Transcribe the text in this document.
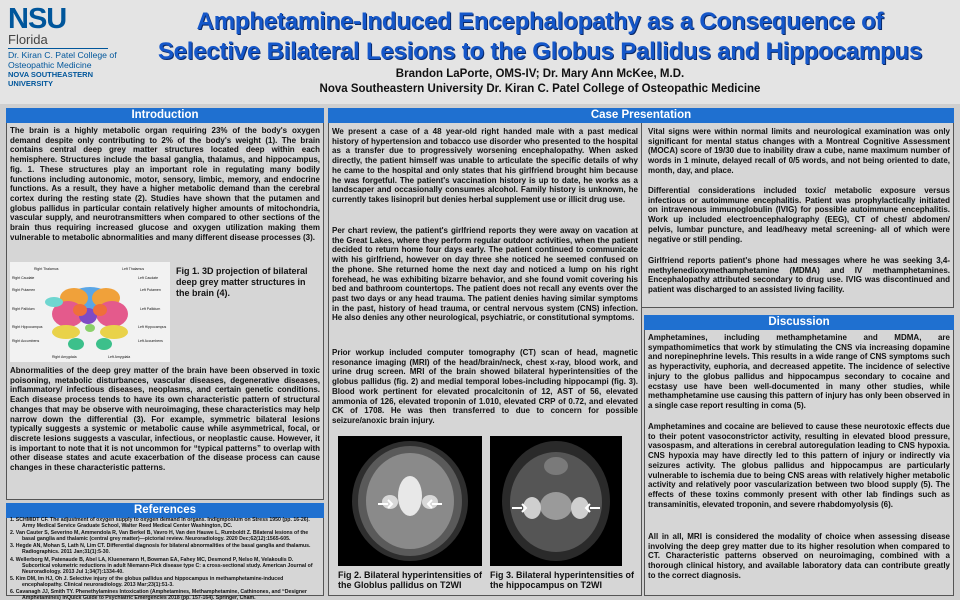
NSU
Florida
Dr. Kiran C. Patel College of Osteopathic Medicine
NOVA SOUTHEASTERN UNIVERSITY
Amphetamine-Induced Encephalopathy as a Consequence of
Selective Bilateral Lesions to the Globus Pallidus and Hippocampus
Brandon LaPorte, OMS-IV; Dr. Mary Ann McKee, M.D.
Nova Southeastern University Dr. Kiran C. Patel College of Osteopathic Medicine
Introduction
The brain is a highly metabolic organ requiring 23% of the body's oxygen demand despite only contributing to 2% of the body's weight (1). The brain contains central deep grey matter structures located deep within each hemisphere. Structures include the basal ganglia, thalamus, and hippocampus, fig. 1. These structures play an important role in regulating many bodily functions including autonomic, motor, sensory, limbic, memory, and endocrine functions. As a result, they have a higher metabolic demand than the cerebral cortex during the resting state (2). Studies have shown that the putamen and globus pallidus in particular contain relatively higher amounts of mitochondria, vascular supply, and neurotransmitters when compared to other sections of the brain thus requiring increased glucose and oxygen utilization making them vulnerable to metabolic abnormalities and many different disease processes (3).
Right Thalamus	Left Thalamus
Right Caudate	Left Caudate
Right Putamen	Left Putamen
Right Pallidum	Left Pallidum
Right Hippocampus	Left Hippocampus
Right Accumbens	Left Accumbens
Right Amygdala	Left Amygdala
Fig 1. 3D projection of bilateral deep grey matter structures in the brain (4).
Abnormalities of the deep grey matter of the brain have been observed in toxic poisoning, metabolic disturbances, vascular diseases, degenerative diseases, inflammatory/ infectious diseases, neoplasms, and certain genetic conditions. Each disease process tends to have its own characteristic pattern of structural changes that may be observe with neuroimaging, these characteristics may help narrow down the differential (3). For example, symmetric bilateral lesions typically suggests a systemic or metabolic cause while asymmetrical, focal, or discrete lesions suggests a vascular, infectious, or neoplastic cause. However, it is important to note that it is not uncommon for “typical patterns” to overlap with other disease states and acute exacerbation of the disease process can cause changes in these characteristic patterns.
References
1. SCHMIDT CF. The adjustment of oxygen supply to oxygen demand in organs. Indigmposium on Stress 1950 (pp. 16-26). Army Medical Service Graduate School, Walter Reed Medical Center Washington, DC.
2. Van Cauter S, Severino M, Ammendola R, Van Berkel B, Vavro H, Van den Hauwe L, Rumboldt Z. Bilateral lesions of the basal ganglia and thalamic (central grey matter)—pictorial review. Neuroradiology. 2020 Dec;62(12):1565-605.
3. Hegde AN, Mohan S, Lath N, Lim CT. Differential diagnosis for bilateral abnormalities of the basal ganglia and thalamus. Radiographics. 2011 Jan;31(1):5-30.
4. Wellerborg M, Patenaude B, Abel LA, Kluenemann H, Bowman EA, Fahey MC, Desmond P, Nelso M, Velakoulis D. Subcortical volumetric reductions in adult Niemann-Pick disease type C: a cross-sectional study. American Journal of Neuroradiology. 2013 Jul 1;34(7):1334-40.
5. Kim DM, Im HJ, Oh J. Selective injury of the globus pallidus and hippocampus in methamphetamine-induced encephalopathy. Clinical neuroradiology. 2013 Mar;23(1):51-3.
6. Cavanagh JJ, Smith TY. Phenethylamines Intoxication (Amphetamines, Methamphetamine, Cathinones, and “Designer Amphetamines) InQuick Guide to Psychiatric Emergencies 2018 (pp. 157-164). Springer, Cham.
Case Presentation
We present a case of a 48 year-old right handed male with a past medical history of hypertension and tobacco use disorder who presented to the hospital as a transfer due to progressively worsening encephalopathy. When asked directly, the patient himself was unable to articulate the specific details of why he came to the hospital and only states that his girlfriend brought him because he was forgetful. The patient's vaccination history is up to date, he works as a landscaper and occasionally consumes alcohol. Family history is unknown, he currently takes lisinopril but denies herbal supplement use or illicit drug use.
Per chart review, the patient's girlfriend reports they were away on vacation at the Great Lakes, where they perform regular outdoor activities, when the patient decided to return home four days early. The patient continued to communicate with his girlfriend, however on day three she noticed he seemed confused on the phone. She returned home the next day and noticed a lump on his right forehead, he was exhibiting bizarre behavior, and she found vomit covering his bed and bathroom countertops. The patient does not recall any events over the past two days or any head trauma. The patient denies having similar symptoms in the past, history of head trauma, or central nervous system (CNS) infection. He also denies any other neurological, psychiatric, or constitutional symptoms.
Prior workup included computer tomography (CT) scan of head, magnetic resonance imaging (MRI) of the head/brain/neck, chest x-ray, blood work, and urine drug screen. MRI of the brain showed bilateral hyperintensities of the globus pallidus (fig. 2) and medial temporal lobes-including hippocampi (fig. 3). Blood work pertinent for elevated procalcitonin of 12, AST of 56, elevated ammonia of 126, elevated troponin of 1.010, elevated CRP of 0.72, and elevated CK of 1708. He was then transferred to due to concern for possible seizure/anoxic brain injury.
Fig 2. Bilateral hyperintensities of the Globlus pallidus on T2WI
Fig 3. Bilateral hyperintensities of the hippocampus on T2WI
Vital signs were within normal limits and neurological examination was only significant for mental status changes with a Montreal Cognitive Assessment (MOCA) score of 19/30 due to inability draw a cube, name maximum number of words in 1 minute, delayed recall of 0/5 words, and not being oriented to date, month, day, and place.
Differential considerations included toxic/ metabolic exposure versus infectious or autoimmune encephalitis. Patient was prophylactically initiated on intravenous immunoglobulin (IVIG) for possible autoimmune encephalitis. Work up included electroencephalography (EEG), CT of chest/ abdomen/ pelvis, lumbar puncture, and lead/heavy metal screening- all of which were negative or still pending.
Girlfriend reports patient's phone had messages where he was seeking 3,4-methylenedioxymethamphetamine (MDMA) and IV methamphetamines. Encephalopathy attributed secondary to drug use. IVIG was discontinued and patient was discharged to an assisted living facility.
Discussion
Amphetamines, including methamphetamine and MDMA, are sympathomimetics that work by stimulating the CNS via increasing dopamine and norepinephrine levels. This results in a wide range of CNS symptoms such as hyperactivity, euphoria, and decreased appetite. The incidence of selective injury to the globus pallidus and hippocampus secondary to cocaine and ecstasy use have been well-documented in many other studies, while methamphetamine use causing this pattern of injury has only been observed in a single case report resulting in coma (5).
Amphetamines and cocaine are believed to cause these neurotoxic effects due to their potent vasoconstrictor activity, resulting in elevated blood pressure, vasospasm, and alterations in cerebral autoregulation leading to CNS hypoxia. CNS hypoxia may have directly led to this pattern of injury or indirectly via seizures activity. The globus pallidus and hippocampus are particularly vulnerable to ischemia due to being CNS areas with relatively higher metabolic activity and relatively poor vascularization between two blood supply (5). The effects of these toxins commonly present with other lab findings such as transaminitis, elevated troponin, and severe rhabdomyolysis (6).
All in all, MRI is considered the modality of choice when assessing disease involving the deep grey matter due to its higher resolution when compared to CT. Characteristic patterns observed on neuroimaging, combined with a thorough clinical history, and available laboratory data can contribute greatly to the correct diagnosis.
